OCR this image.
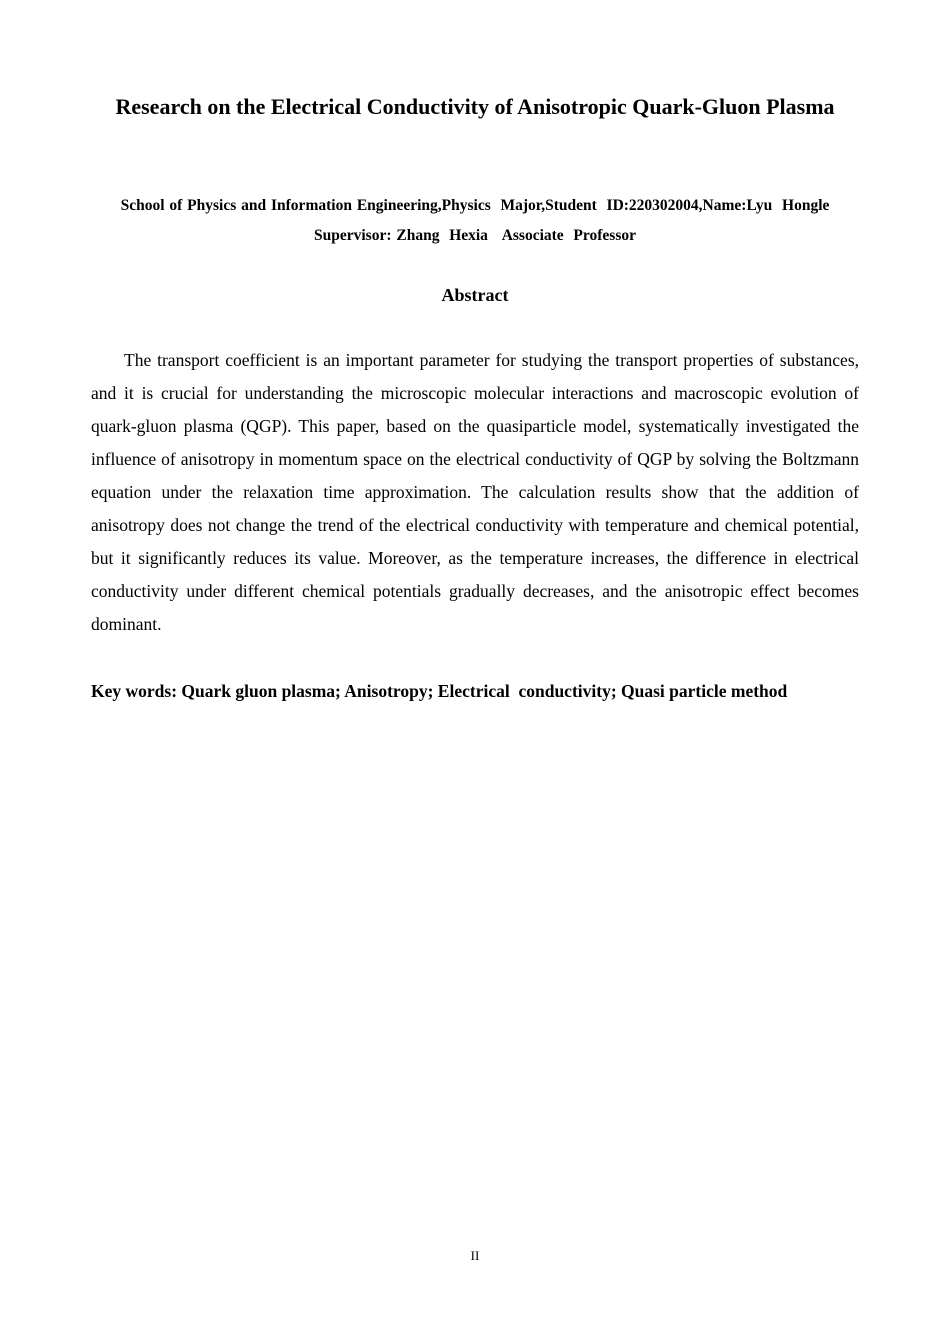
Research on the Electrical Conductivity of Anisotropic Quark-Gluon Plasma
School of Physics and Information Engineering,Physics  Major,Student  ID:220302004,Name:Lyu  Hongle
Supervisor: Zhang  Hexia   Associate  Professor
Abstract

The transport coefficient is an important parameter for studying the transport properties of substances, and it is crucial for understanding the microscopic molecular interactions and macroscopic evolution of quark-gluon plasma (QGP). This paper, based on the quasiparticle model, systematically investigated the influence of anisotropy in momentum space on the electrical conductivity of QGP by solving the Boltzmann equation under the relaxation time approximation. The calculation results show that the addition of anisotropy does not change the trend of the electrical conductivity with temperature and chemical potential, but it significantly reduces its value. Moreover, as the temperature increases, the difference in electrical conductivity under different chemical potentials gradually decreases, and the anisotropic effect becomes dominant.

Key words: Quark gluon plasma; Anisotropy; Electrical  conductivity; Quasi particle method

II
